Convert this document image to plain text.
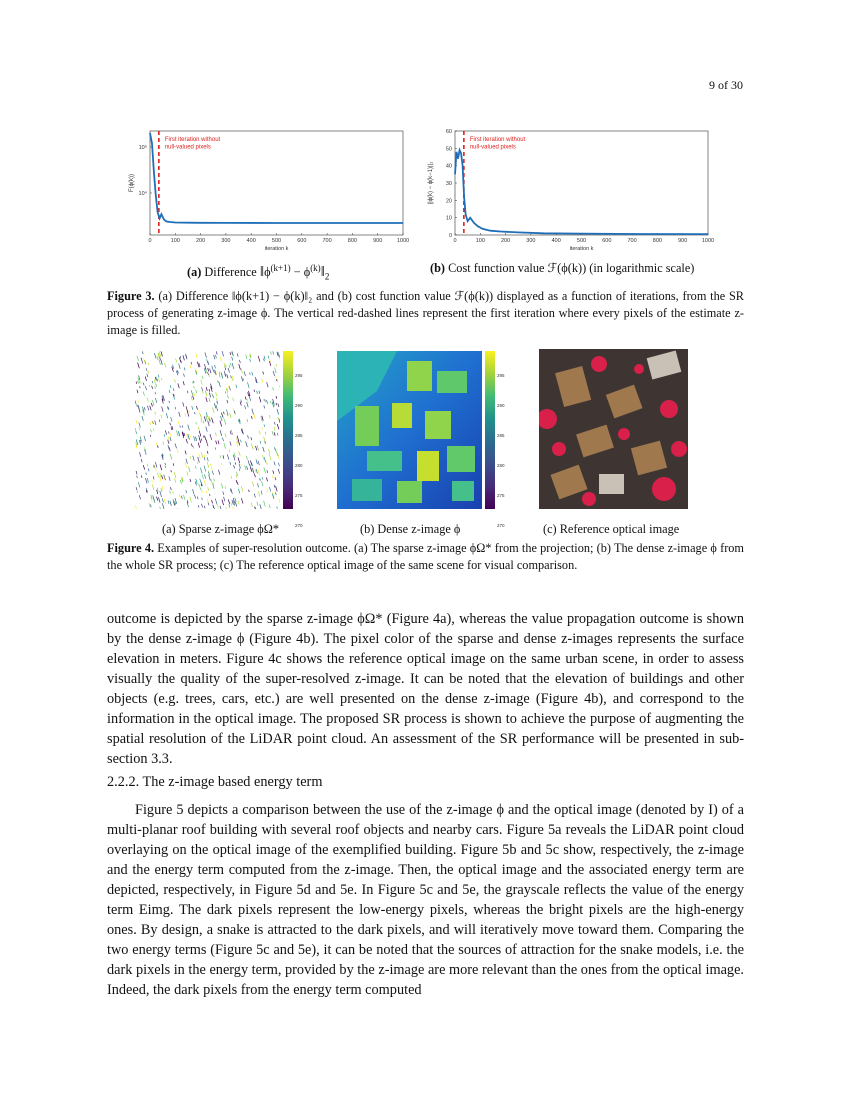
9 of 30
0	100	200	300	400	500	600	700	800	900	1000
iteration k
10⁵
10⁴
F(ϕ(k))
First iteration without
null-valued pixels
0	100	200	300	400	500	600	700	800	900	1000
iteration k
0
10
20
30
40
50
60
||ϕ(k) − ϕ(k−1)||₂
First iteration without
null-valued pixels
(a) Difference $‖\phi^{(k+1)}$ − $\phi^{(k)}‖_2$
(b) Cost function value ℱ(ϕ(k)) (in logarithmic scale)
Figure 3. (a) Difference ‖ϕ(k+1) − ϕ(k)‖₂ and (b) cost function value ℱ(ϕ(k)) displayed as a function of iterations, from the SR process of generating z-image ϕ. The vertical red-dashed lines represent the first iteration where every pixels of the estimate z-image is filled.
295
290
285
280
275
270
295
290
285
280
275
270
(a) Sparse z-image ϕΩ*	(b) Dense z-image ϕ	(c) Reference optical image
Figure 4. Examples of super-resolution outcome. (a) The sparse z-image ϕΩ* from the projection; (b) The dense z-image ϕ from the whole SR process; (c) The reference optical image of the same scene for visual comparison.

outcome is depicted by the sparse z-image ϕΩ* (Figure 4a), whereas the value propagation outcome is shown by the dense z-image ϕ (Figure 4b). The pixel color of the sparse and dense z-images represents the surface elevation in meters. Figure 4c shows the reference optical image on the same urban scene, in order to assess visually the quality of the super-resolved z-image. It can be noted that the elevation of buildings and other objects (e.g. trees, cars, etc.) are well presented on the dense z-image (Figure 4b), and correspond to the information in the optical image. The proposed SR process is shown to achieve the purpose of augmenting the spatial resolution of the LiDAR point cloud. An assessment of the SR performance will be presented in sub-section 3.3.

2.2.2. The z-image based energy term

Figure 5 depicts a comparison between the use of the z-image ϕ and the optical image (denoted by I) of a multi-planar roof building with several roof objects and nearby cars. Figure 5a reveals the LiDAR point cloud overlaying on the optical image of the exemplified building. Figure 5b and 5c show, respectively, the z-image and the energy term computed from the z-image. Then, the optical image and the associated energy term are depicted, respectively, in Figure 5d and 5e. In Figure 5c and 5e, the grayscale reflects the value of the energy term Eimg. The dark pixels represent the low-energy pixels, whereas the bright pixels are the high-energy ones. By design, a snake is attracted to the dark pixels, and will iteratively move toward them. Comparing the two energy terms (Figure 5c and 5e), it can be noted that the sources of attraction for the snake models, i.e. the dark pixels in the energy term, provided by the z-image are more relevant than the ones from the optical image. Indeed, the dark pixels from the energy term computed
